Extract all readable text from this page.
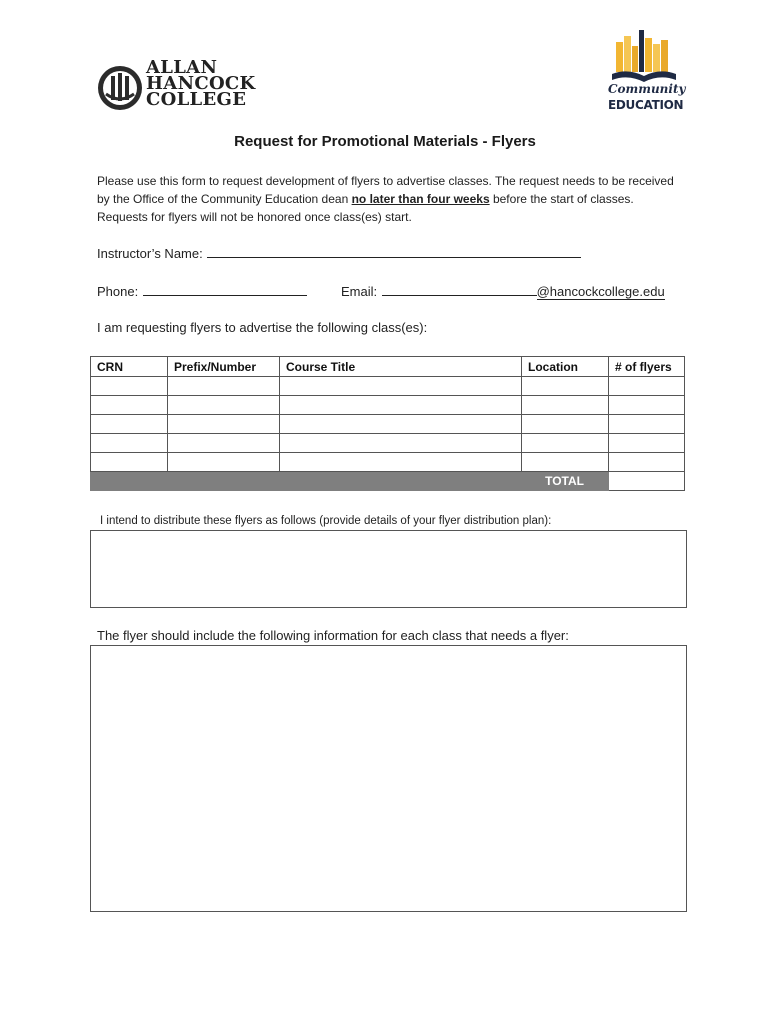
ALLAN
HANCOCK
COLLEGE	Community
EDUCATION
Request for Promotional Materials - Flyers
Please use this form to request development of flyers to advertise classes. The request needs to be received by the Office of the Community Education dean no later than four weeks before the start of classes. Requests for flyers will not be honored once class(es) start.
Instructor’s Name:
Phone:	Email:	@hancockcollege.edu
I am requesting flyers to advertise the following class(es):
CRN	Prefix/Number	Course Title	Location	# of flyers

TOTAL				
I intend to distribute these flyers as follows (provide details of your flyer distribution plan):
The flyer should include the following information for each class that needs a flyer:
